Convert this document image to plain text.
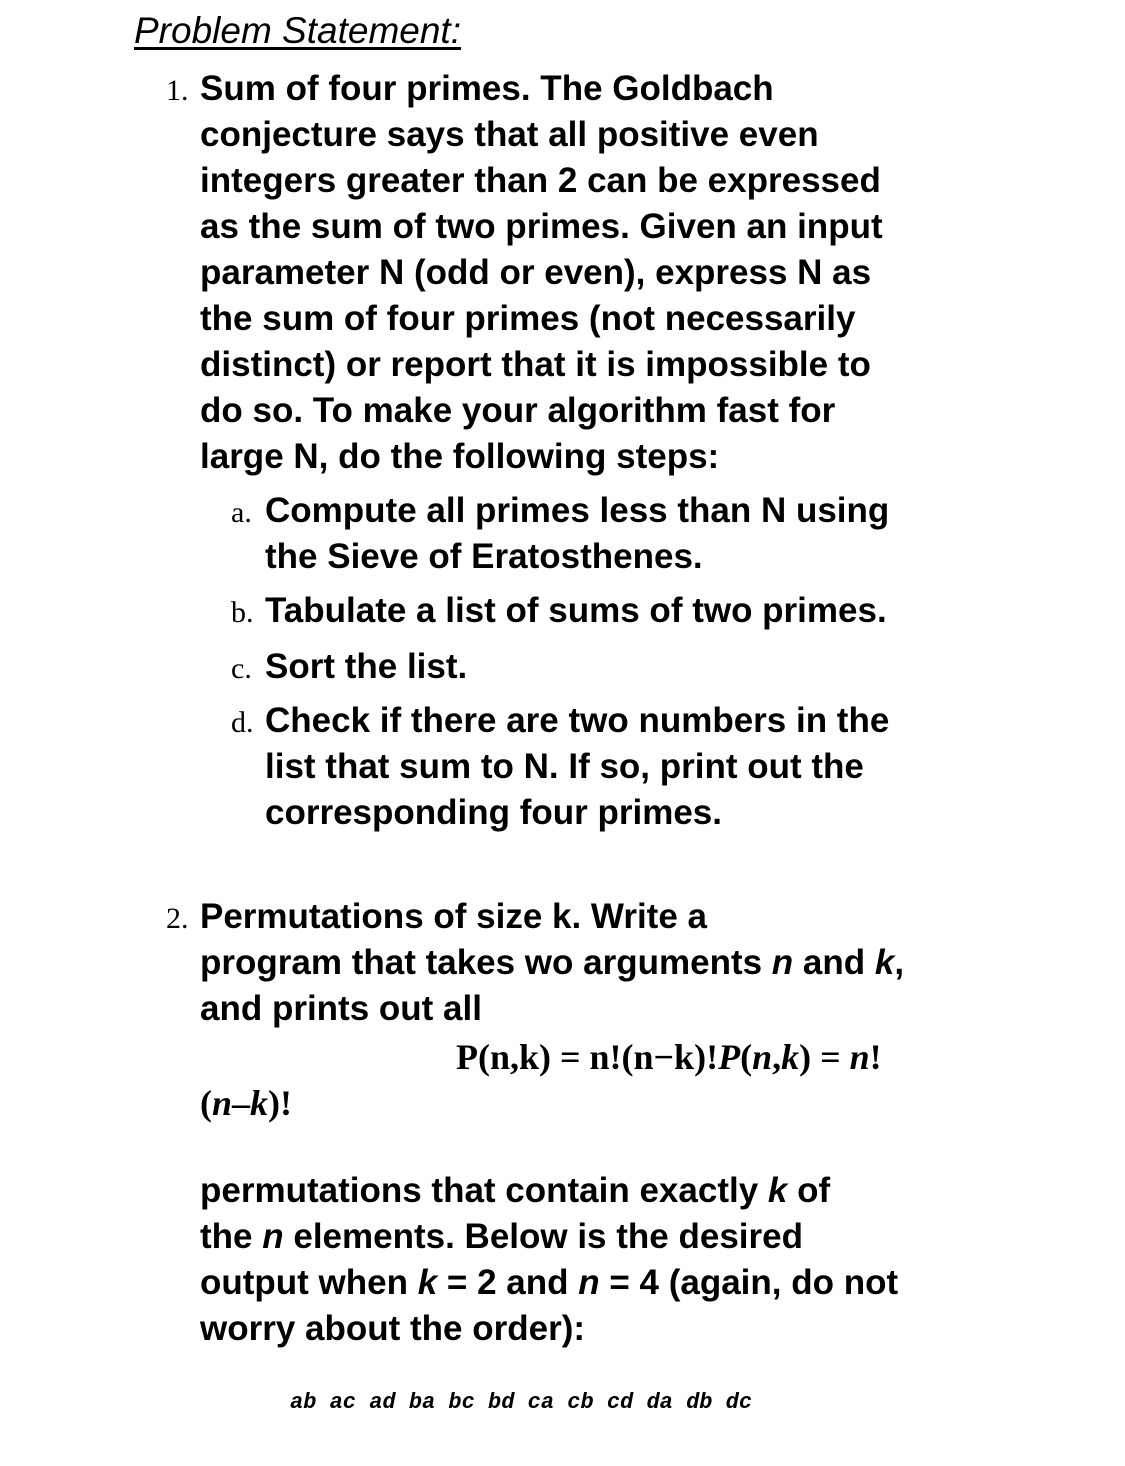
Problem Statement:
1. Sum of four primes. The Goldbach
conjecture says that all positive even
integers greater than 2 can be expressed
as the sum of two primes. Given an input
parameter N (odd or even), express N as
the sum of four primes (not necessarily
distinct) or report that it is impossible to
do so. To make your algorithm fast for
large N, do the following steps:

a. Compute all primes less than N using
the Sieve of Eratosthenes.

b. Tabulate a list of sums of two primes.

c. Sort the list.

d. Check if there are two numbers in the
list that sum to N. If so, print out the
corresponding four primes.

2. Permutations of size k. Write a
program that takes wo arguments n and k,
and prints out all

P(n,k) = n!(n−k)!P(n,k) = n!
(n–k)!

permutations that contain exactly k of
the n elements. Below is the desired
output when k = 2 and n = 4 (again, do not
worry about the order):

ab ac ad ba bc bd ca cb cd da db dc
